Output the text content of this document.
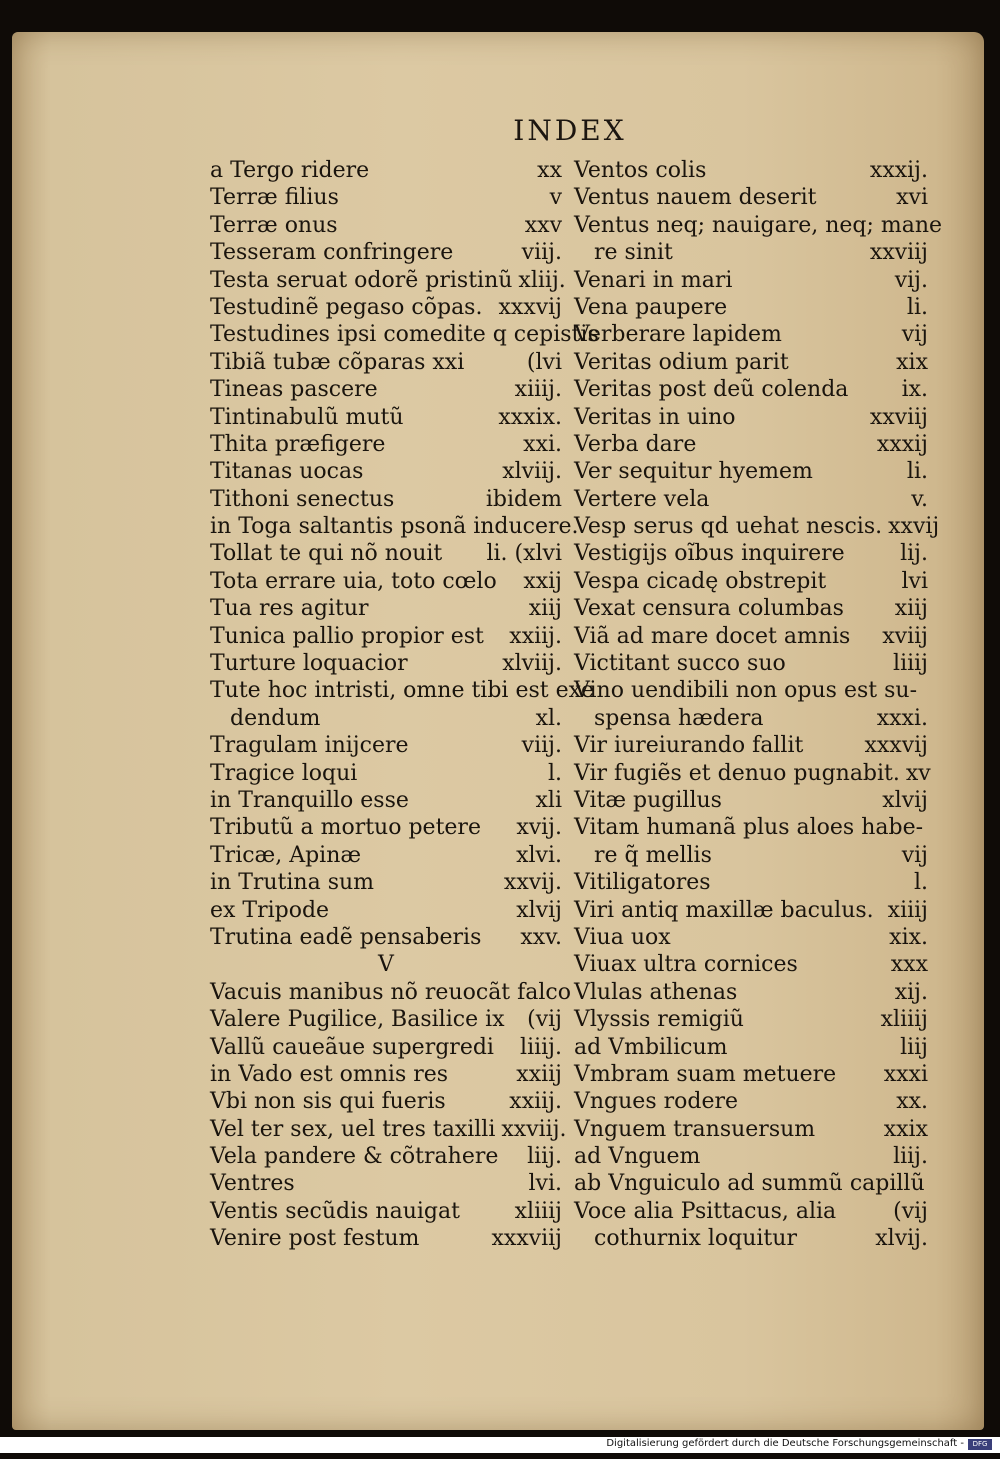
INDEX
a Tergo ridere	xx
Terræ filius	v
Terræ onus	xxv
Tesseram confringere	viij.
Testa seruat odorẽ pristinũ xliij.
Testudinẽ pegaso cõpas. xxxvij
Testudines ipsi comedite q cepistis
Tibiã tubæ cõparas xxi	(lvi
Tineas pascere	xiiij.
Tintinabulũ mutũ	xxxix.
Thita præfigere	xxi.
Titanas uocas	xlviij.
Tithoni senectus	ibidem
in Toga saltantis psonã inducere.
Tollat te qui nõ nouit li. (xlvi
Tota errare uia, toto cœlo xxij
Tua res agitur	xiij
Tunica pallio propior est xxiij.
Turture loquacior	xlviij.
Tute hoc intristi, omne tibi est exe
dendum	xl.
Tragulam inijcere	viij.
Tragice loqui	l.
in Tranquillo esse	xli
Tributũ a mortuo petere xvij.
Tricæ, Apinæ	xlvi.
in Trutina sum	xxvij.
ex Tripode	xlvij
Trutina eadẽ pensaberis xxv.
V
Vacuis manibus nõ reuocãt falco
Valere Pugilice, Basilice ix (vij
Vallũ caueãue supergredi liiij.
in Vado est omnis res	xxiij
Vbi non sis qui fueris	xxiij.
Vel ter sex, uel tres taxilli xxviij.
Vela pandere & cõtrahere liij.
Ventres	lvi.
Ventis secũdis nauigat xliiij
Venire post festum	xxxviij
Ventos colis	xxxij.
Ventus nauem deserit	xvi
Ventus neq; nauigare, neq; mane
re sinit	xxviij
Venari in mari	vij.
Vena paupere	li.
Verberare lapidem	vij
Veritas odium parit	xix
Veritas post deũ colenda ix.
Veritas in uino	xxviij
Verba dare	xxxij
Ver sequitur hyemem	li.
Vertere vela	v.
Vesp serus qd uehat nescis. xxvij
Vestigijs oĩbus inquirere	lij.
Vespa cicadę obstrepit	lvi
Vexat censura columbas xiij
Viã ad mare docet amnis xviij
Victitant succo suo	liiij
Vino uendibili non opus est su-
spensa hædera	xxxi.
Vir iureiurando fallit	xxxvij
Vir fugiẽs et denuo pugnabit. xv
Vitæ pugillus	xlvij
Vitam humanã plus aloes habe-
re q̃ mellis	vij
Vitiligatores	l.
Viri antiq maxillæ baculus. xiiij
Viua uox	xix.
Viuax ultra cornices	xxx
Vlulas athenas	xij.
Vlyssis remigiũ	xliiij
ad Vmbilicum	liij
Vmbram suam metuere xxxi
Vngues rodere	xx.
Vnguem transuersum	xxix
ad Vnguem	liij.
ab Vnguiculo ad summũ capillũ
Voce alia Psittacus, alia	(vij
cothurnix loquitur	xlvij.
Digitalisierung gefördert durch die Deutsche Forschungsgemeinschaft -	DFG
